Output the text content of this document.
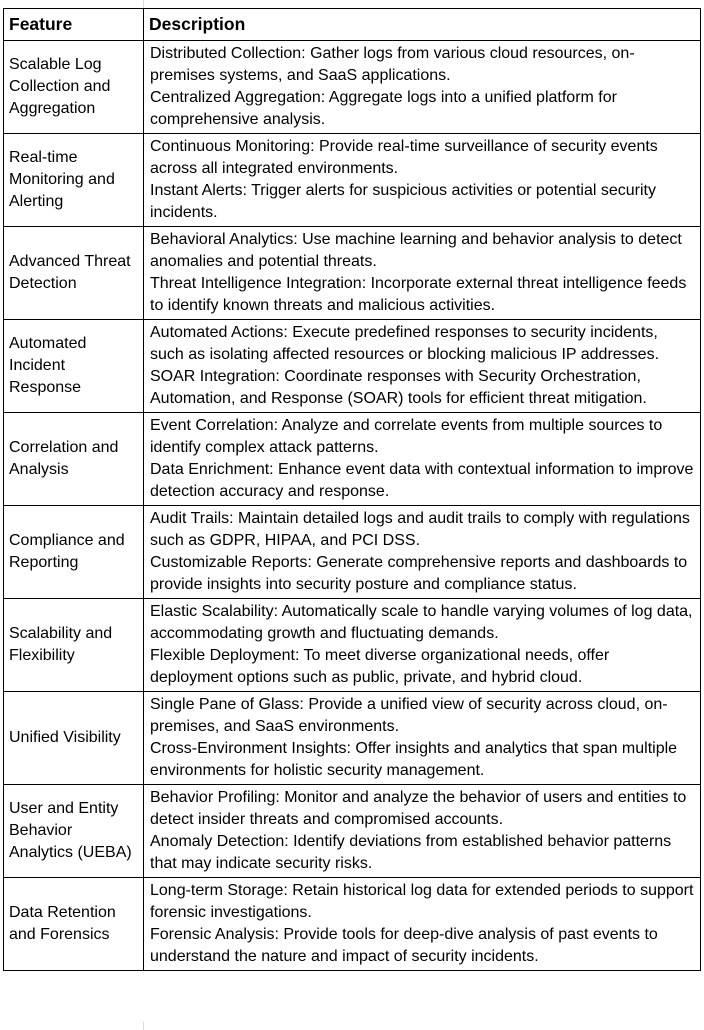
Feature	Description
Scalable Log Collection and Aggregation	Distributed Collection: Gather logs from various cloud resources, on-premises systems, and SaaS applications.
Centralized Aggregation: Aggregate logs into a unified platform for comprehensive analysis.

Real-time Monitoring and Alerting	Continuous Monitoring: Provide real-time surveillance of security events across all integrated environments.
Instant Alerts: Trigger alerts for suspicious activities or potential security incidents.

Advanced Threat Detection	Behavioral Analytics: Use machine learning and behavior analysis to detect anomalies and potential threats.
Threat Intelligence Integration: Incorporate external threat intelligence feeds to identify known threats and malicious activities.

Automated Incident Response	Automated Actions: Execute predefined responses to security incidents, such as isolating affected resources or blocking malicious IP addresses.
SOAR Integration: Coordinate responses with Security Orchestration, Automation, and Response (SOAR) tools for efficient threat mitigation.

Correlation and Analysis	Event Correlation: Analyze and correlate events from multiple sources to identify complex attack patterns.
Data Enrichment: Enhance event data with contextual information to improve detection accuracy and response.

Compliance and Reporting	Audit Trails: Maintain detailed logs and audit trails to comply with regulations such as GDPR, HIPAA, and PCI DSS.
Customizable Reports: Generate comprehensive reports and dashboards to provide insights into security posture and compliance status.

Scalability and Flexibility	Elastic Scalability: Automatically scale to handle varying volumes of log data, accommodating growth and fluctuating demands.
Flexible Deployment: To meet diverse organizational needs, offer deployment options such as public, private, and hybrid cloud.

Unified Visibility	Single Pane of Glass: Provide a unified view of security across cloud, on-premises, and SaaS environments.
Cross-Environment Insights: Offer insights and analytics that span multiple environments for holistic security management.

User and Entity Behavior Analytics (UEBA)	Behavior Profiling: Monitor and analyze the behavior of users and entities to detect insider threats and compromised accounts.
Anomaly Detection: Identify deviations from established behavior patterns that may indicate security risks.

Data Retention and Forensics	Long-term Storage: Retain historical log data for extended periods to support forensic investigations.
Forensic Analysis: Provide tools for deep-dive analysis of past events to understand the nature and impact of security incidents.
